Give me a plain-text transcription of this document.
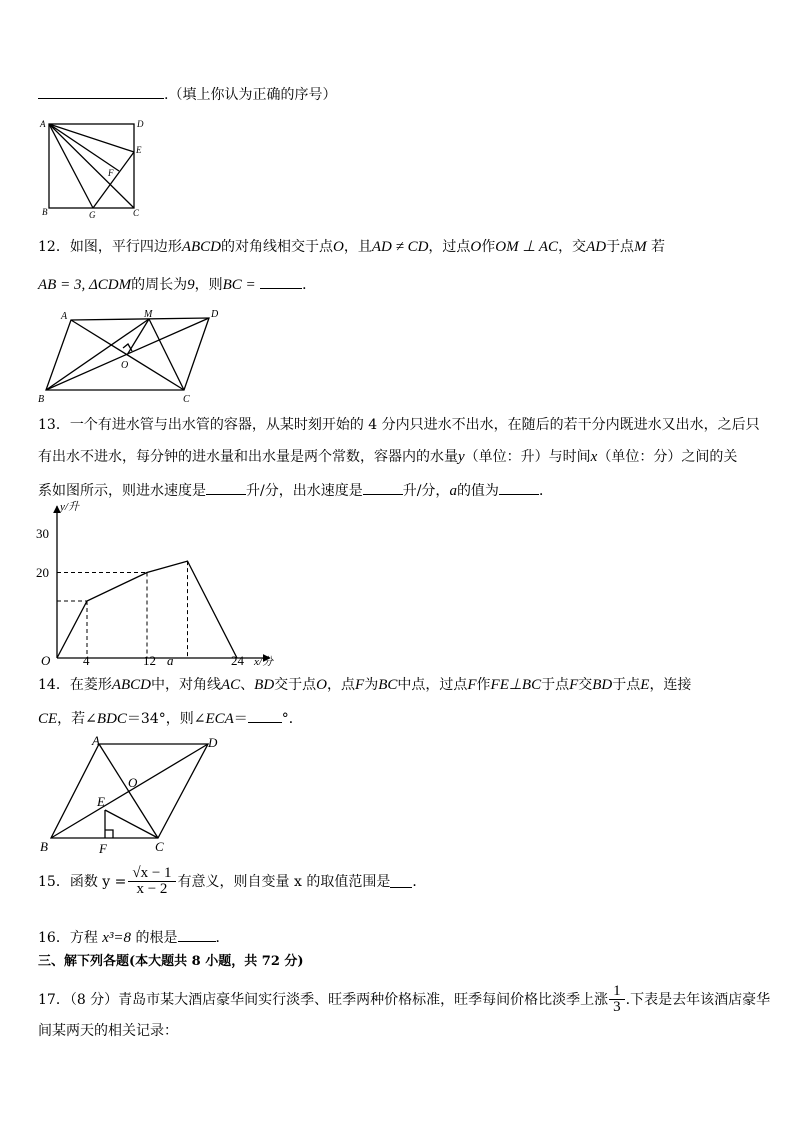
.（填上你认为正确的序号）
A	D
E
F
B	G	C
12．如图，平行四边形ABCD的对角线相交于点O，且AD ≠ CD，过点O作OM ⊥ AC，交AD于点M 若
AB = 3, ΔCDM的周长为9，则BC =	．
A	M	D
O
B	C
13．一个有进水管与出水管的容器，从某时刻开始的 4 分内只进水不出水，在随后的若干分内既进水又出水，之后只
有出水不进水，每分钟的进水量和出水量是两个常数，容器内的水量y（单位：升）与时间x（单位：分）之间的关
系如图所示，则进水速度是	升/分，出水速度是	升/分，a的值为	．
y/升
x/分
O
30
20
4	12 a	24
14．在菱形ABCD中，对角线AC、BD交于点O，点F为BC中点，过点F作FE⊥BC于点F交BD于点E，连接
CE，若∠BDC＝34°，则∠ECA＝ °．
A	D
O
E
B	F	C
15．函数 $y = \frac{√x - 1}{x - 2}$ 有意义，则自变量 x 的取值范围是 ．
16．方程 x³=8 的根是	．
三、解下列各题(本大题共 8 小题，共 72 分)
17．（8 分）青岛市某大酒店豪华间实行淡季、旺季两种价格标准，旺季每间价格比淡季上涨 $\frac{1}{3}$ .下表是去年该酒店豪华
间某两天的相关记录：
